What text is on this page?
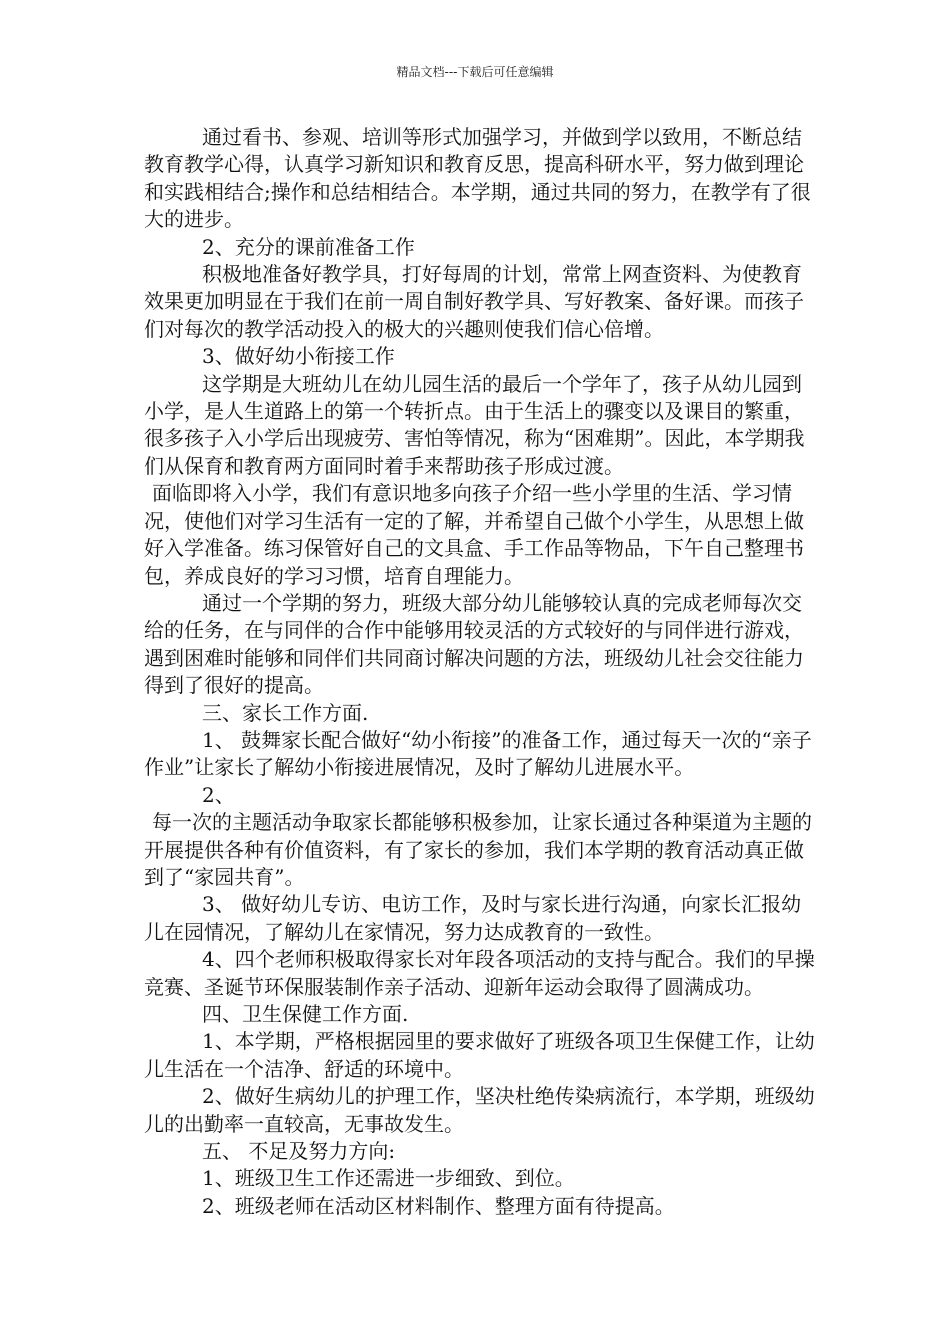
精品文档---下载后可任意编辑

通过看书、参观、培训等形式加强学习，并做到学以致用，不断总结教育教学心得，认真学习新知识和教育反思，提高科研水平，努力做到理论和实践相结合;操作和总结相结合。本学期，通过共同的努力，在教学有了很大的进步。

2、充分的课前准备工作

积极地准备好教学具，打好每周的计划，常常上网查资料、为使教育效果更加明显在于我们在前一周自制好教学具、写好教案、备好课。而孩子们对每次的教学活动投入的极大的兴趣则使我们信心倍增。

3、做好幼小衔接工作

这学期是大班幼儿在幼儿园生活的最后一个学年了，孩子从幼儿园到小学，是人生道路上的第一个转折点。由于生活上的骤变以及课目的繁重，很多孩子入小学后出现疲劳、害怕等情况，称为“困难期”。因此，本学期我们从保育和教育两方面同时着手来帮助孩子形成过渡。

面临即将入小学，我们有意识地多向孩子介绍一些小学里的生活、学习情况，使他们对学习生活有一定的了解，并希望自己做个小学生，从思想上做好入学准备。练习保管好自己的文具盒、手工作品等物品，下午自己整理书包，养成良好的学习习惯，培育自理能力。

通过一个学期的努力，班级大部分幼儿能够较认真的完成老师每次交给的任务，在与同伴的合作中能够用较灵活的方式较好的与同伴进行游戏，遇到困难时能够和同伴们共同商讨解决问题的方法，班级幼儿社会交往能力得到了很好的提高。

三、家长工作方面.

1、 鼓舞家长配合做好“幼小衔接”的准备工作，通过每天一次的“亲子作业”让家长了解幼小衔接进展情况，及时了解幼儿进展水平。

2、

每一次的主题活动争取家长都能够积极参加，让家长通过各种渠道为主题的开展提供各种有价值资料，有了家长的参加，我们本学期的教育活动真正做到了“家园共育”。

3、 做好幼儿专访、电访工作，及时与家长进行沟通，向家长汇报幼儿在园情况，了解幼儿在家情况，努力达成教育的一致性。

4、四个老师积极取得家长对年段各项活动的支持与配合。我们的早操竞赛、圣诞节环保服装制作亲子活动、迎新年运动会取得了圆满成功。

四、卫生保健工作方面.

1、本学期，严格根据园里的要求做好了班级各项卫生保健工作，让幼儿生活在一个洁净、舒适的环境中。

2、做好生病幼儿的护理工作，坚决杜绝传染病流行，本学期，班级幼儿的出勤率一直较高，无事故发生。

五、 不足及努力方向:

1、班级卫生工作还需进一步细致、到位。

2、班级老师在活动区材料制作、整理方面有待提高。
